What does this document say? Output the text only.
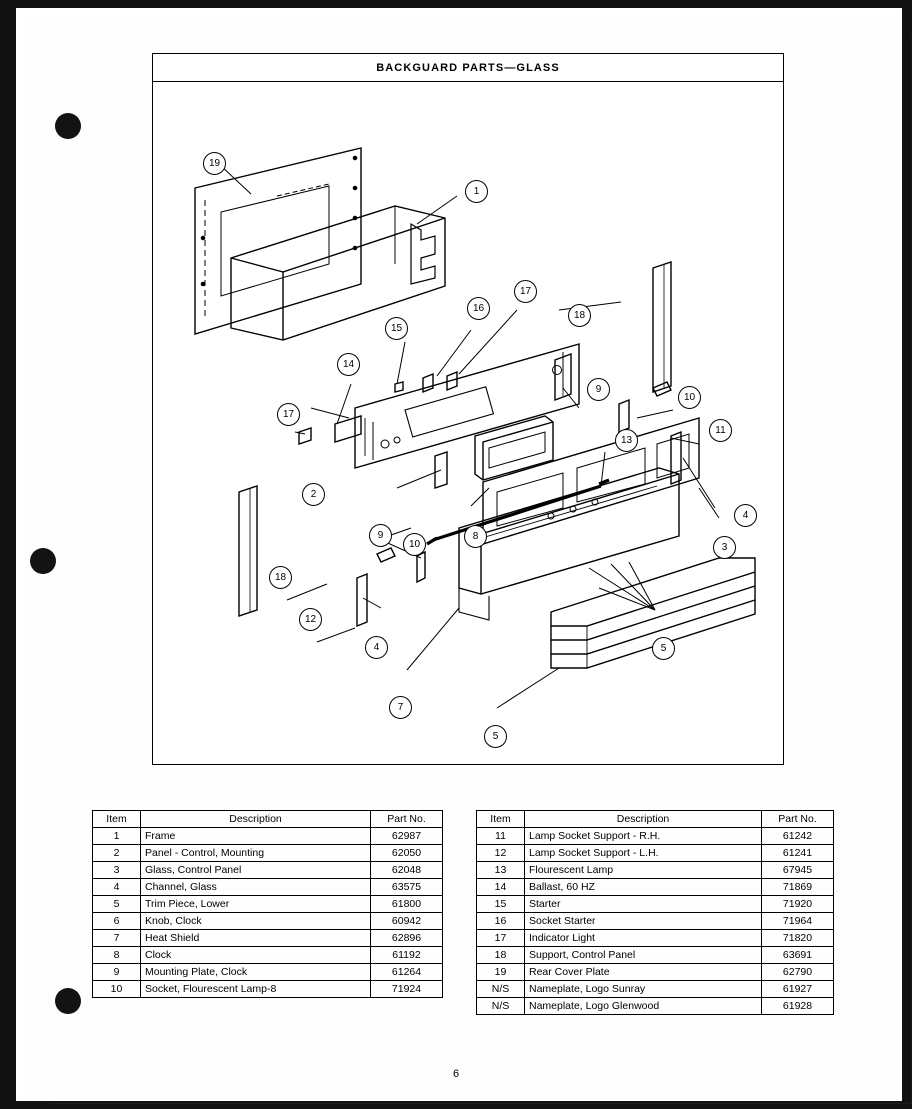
BACKGUARD PARTS—GLASS
19
1
17
16
18
15
14
9
10
11
13
17
2
9	8
4
3
10
18
12
4	5
7
5
Item	Description	Part No.
1	Frame	62987
2	Panel - Control, Mounting	62050
3	Glass, Control Panel	62048
4	Channel, Glass	63575
5	Trim Piece, Lower	61800
6	Knob, Clock	60942
7	Heat Shield	62896
8	Clock	61192
9	Mounting Plate, Clock	61264
10	Socket, Flourescent Lamp-8	71924
Item	Description	Part No.
11	Lamp Socket Support - R.H.	61242
12	Lamp Socket Support - L.H.	61241
13	Flourescent Lamp	67945
14	Ballast, 60 HZ	71869
15	Starter	71920
16	Socket Starter	71964
17	Indicator Light	71820
18	Support, Control Panel	63691
19	Rear Cover Plate	62790
N/S	Nameplate, Logo Sunray	61927
N/S	Nameplate, Logo Glenwood	61928
6
